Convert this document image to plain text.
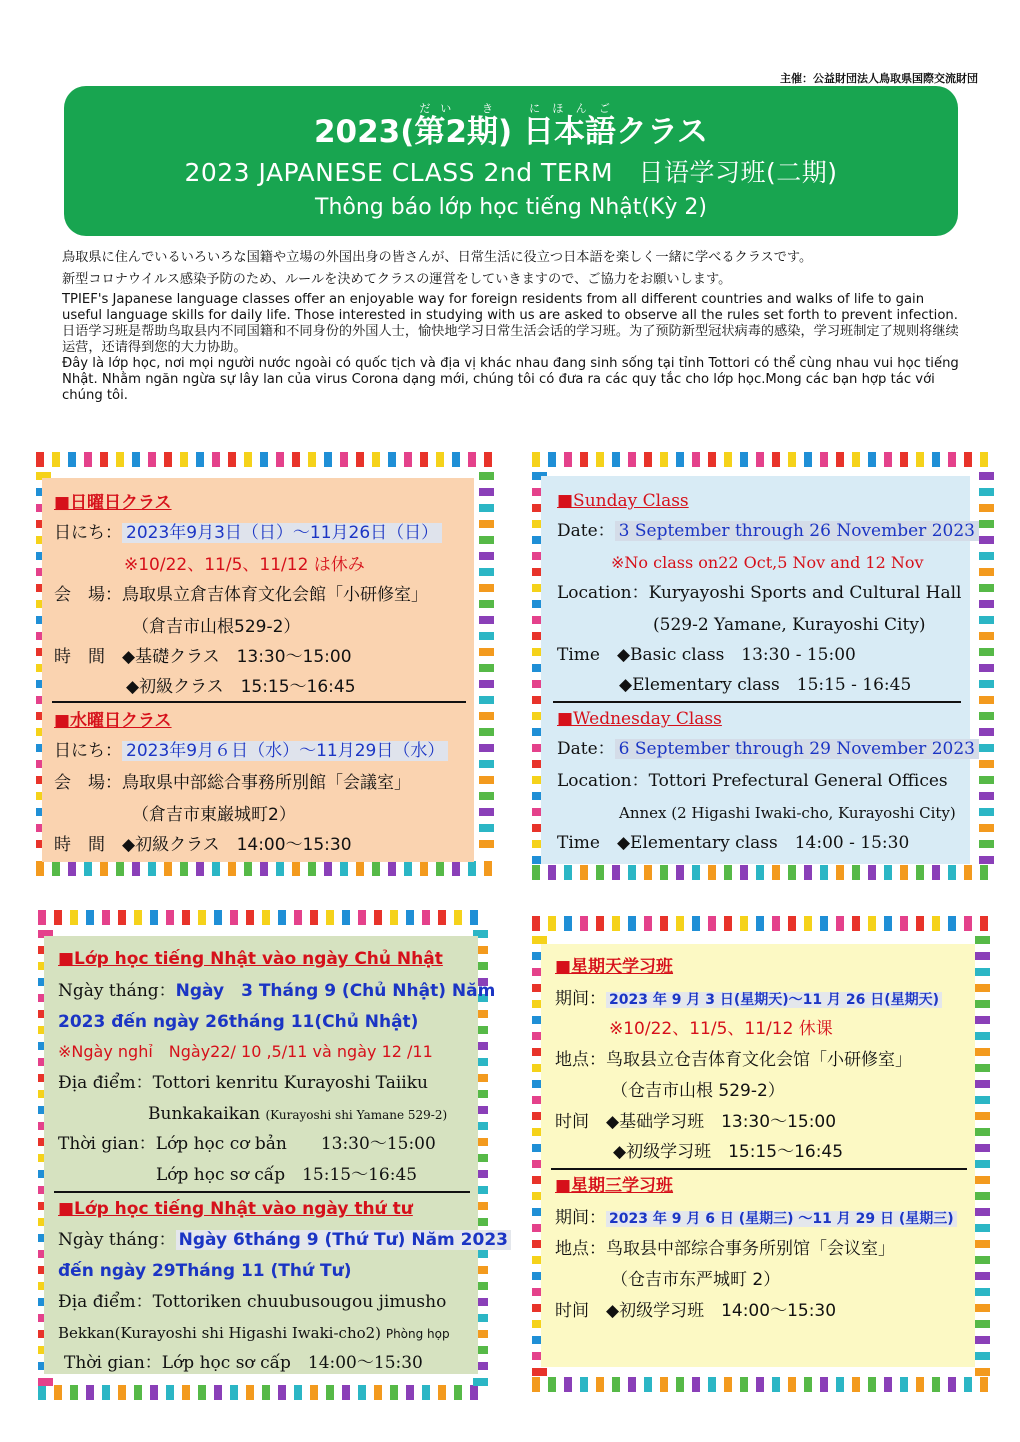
主催：公益財団法人鳥取県国際交流財団
2023(第2期だい　 き) 日本語にほんごクラス
2023 JAPANESE CLASS 2nd TERM　日语学习班(二期)
Thông báo lớp học tiếng Nhật(Kỳ 2)

鳥取県に住んでいるいろいろな国籍や立場の外国出身の皆さんが、日常生活に役立つ日本語を楽しく一緒に学べるクラスです。

新型コロナウイルス感染予防のため、ルールを決めてクラスの運営をしていきますので、ご協力をお願いします。

TPIEF's Japanese language classes offer an enjoyable way for foreign residents from all different countries and walks of life to gain useful language skills for daily life. Those interested in studying with us are asked to observe all the rules set forth to prevent infection.

日语学习班是帮助鸟取县内不同国籍和不同身份的外国人士，愉快地学习日常生活会话的学习班。为了预防新型冠状病毒的感染，学习班制定了规则将继续运营，还请得到您的大力协助。

Đây là lớp học, nơi mọi người nước ngoài có quốc tịch và địa vị khác nhau đang sinh sống tại tỉnh Tottori có thể cùng nhau vui học tiếng Nhật. Nhằm ngăn ngừa sự lây lan của virus Corona dạng mới, chúng tôi có đưa ra các quy tắc cho lớp học.Mong các bạn hợp tác với chúng tôi.

■日曜日クラス
日にち： 2023年9月3日（日）～11月26日（日）
※10/22、11/5、11/12 は休み
会　場：鳥取県立倉吉体育文化会館「小研修室」
（倉吉市山根529-2）
時　間　 ◆基礎クラス　13:30～15:00
◆初級クラス　15:15～16:45
■水曜日クラス
日にち： 2023年9月６日（水）～11月29日（水）
会　場：鳥取県中部総合事務所別館「会議室」
（倉吉市東巌城町2）
時　間　 ◆初級クラス　14:00～15:30
■Sunday Class
Date： 3 September through 26 November 2023
※No class on22 Oct,5 Nov and 12 Nov
Location：Kuryayoshi Sports and Cultural Hall
(529-2 Yamane, Kurayoshi City)
Time　 ◆Basic class　13:30 - 15:00
◆Elementary class　15:15 - 16:45
■Wednesday Class
Date： 6 September through 29 November 2023
Location：Tottori Prefectural General Offices
Annex (2 Higashi Iwaki-cho, Kurayoshi City)
Time　 ◆Elementary class　14:00 - 15:30
■Lớp học tiếng Nhật vào ngày Chủ Nhật
Ngày tháng：Ngày　3 Tháng 9 (Chủ Nhật) Năm
2023 đến ngày 26tháng 11(Chủ Nhật)
※Ngày nghỉ　Ngày22/ 10 ,5/11 và ngày 12 /11
Địa điểm：Tottori kenritu Kurayoshi Taiiku
Bunkakaikan (Kurayoshi shi Yamane 529-2)
Thời gian：Lớp học cơ bản　　13:30～15:00
Lớp học sơ cấp　15:15～16:45
■Lớp học tiếng Nhật vào ngày thứ tư
Ngày tháng： Ngày 6tháng 9 (Thứ Tư) Năm 2023
đến ngày 29Tháng 11 (Thứ Tư)
Địa điểm：Tottoriken chuubusougou jimusho
Bekkan(Kurayoshi shi Higashi Iwaki-cho2) Phòng họp
Thời gian：Lớp học sơ cấp　14:00～15:30
■星期天学习班
期间： 2023 年 9 月 3 日(星期天)～11 月 26 日(星期天)
※10/22、11/5、11/12 休课
地点：鸟取县立仓吉体育文化会馆「小研修室」
（仓吉市山根 529-2）
时间　 ◆基础学习班　13:30～15:00
◆初级学习班　15:15～16:45
■星期三学习班
期间： 2023 年 9 月 6 日 (星期三) ～11 月 29 日 (星期三)
地点：鸟取县中部综合事务所别馆「会议室」
（仓吉市东严城町 2）
时间　 ◆初级学习班　14:00～15:30
